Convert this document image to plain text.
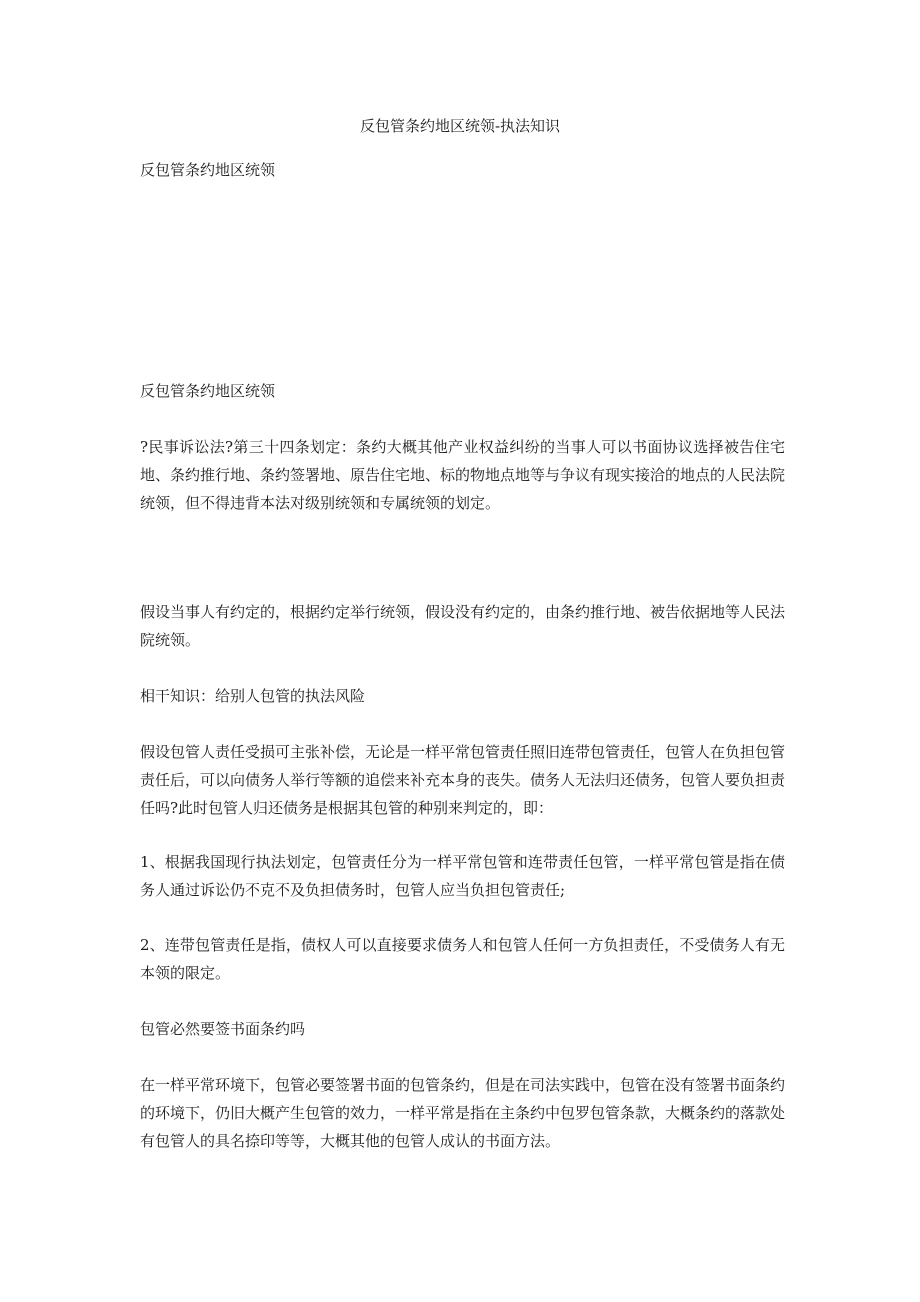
反包管条约地区统领-执法知识

反包管条约地区统领

反包管条约地区统领

?民事诉讼法?第三十四条划定：条约大概其他产业权益纠纷的当事人可以书面协议选择被告住宅地、条约推行地、条约签署地、原告住宅地、标的物地点地等与争议有现实接洽的地点的人民法院统领，但不得违背本法对级别统领和专属统领的划定。

假设当事人有约定的，根据约定举行统领，假设没有约定的，由条约推行地、被告依据地等人民法院统领。

相干知识：给别人包管的执法风险

假设包管人责任受损可主张补偿，无论是一样平常包管责任照旧连带包管责任，包管人在负担包管责任后，可以向债务人举行等额的追偿来补充本身的丧失。债务人无法归还债务，包管人要负担责任吗?此时包管人归还债务是根据其包管的种别来判定的，即：

1、根据我国现行执法划定，包管责任分为一样平常包管和连带责任包管，一样平常包管是指在债务人通过诉讼仍不克不及负担债务时，包管人应当负担包管责任;

2、连带包管责任是指，债权人可以直接要求债务人和包管人任何一方负担责任，不受债务人有无本领的限定。

包管必然要签书面条约吗

在一样平常环境下，包管必要签署书面的包管条约，但是在司法实践中，包管在没有签署书面条约的环境下，仍旧大概产生包管的效力，一样平常是指在主条约中包罗包管条款，大概条约的落款处有包管人的具名捺印等等，大概其他的包管人成认的书面方法。
